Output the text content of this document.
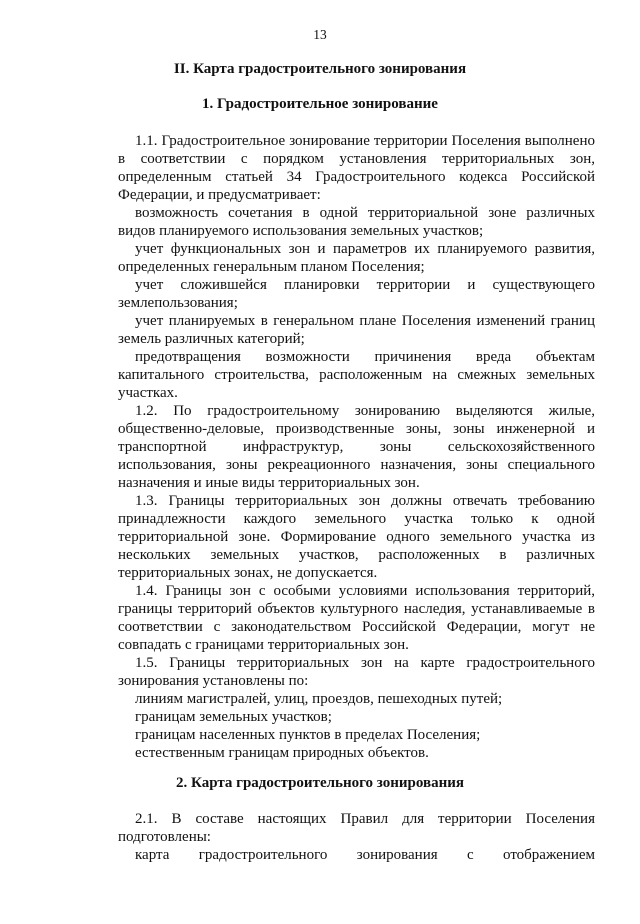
13
II. Карта градостроительного зонирования
1. Градостроительное зонирование

1.1. Градостроительное зонирование территории Поселения выполнено в соответствии с порядком установления территориальных зон, определенным статьей 34 Градостроительного кодекса Российской Федерации, и предусматривает:

возможность сочетания в одной территориальной зоне различных видов планируемого использования земельных участков;

учет функциональных зон и параметров их планируемого развития, определенных генеральным планом Поселения;

учет сложившейся планировки территории и существующего землепользования;

учет планируемых в генеральном плане Поселения изменений границ земель различных категорий;

предотвращения возможности причинения вреда объектам капитального строительства, расположенным на смежных земельных участках.

1.2. По градостроительному зонированию выделяются жилые, общественно-деловые, производственные зоны, зоны инженерной и транспортной инфраструктур, зоны сельскохозяйственного использования, зоны рекреационного назначения, зоны специального назначения и иные виды территориальных зон.

1.3. Границы территориальных зон должны отвечать требованию принадлежности каждого земельного участка только к одной территориальной зоне. Формирование одного земельного участка из нескольких земельных участков, расположенных в различных территориальных зонах, не допускается.

1.4. Границы зон с особыми условиями использования территорий, границы территорий объектов культурного наследия, устанавливаемые в соответствии с законодательством Российской Федерации, могут не совпадать с границами территориальных зон.

1.5. Границы территориальных зон на карте градостроительного зонирования установлены по:

линиям магистралей, улиц, проездов, пешеходных путей;

границам земельных участков;

границам населенных пунктов в пределах Поселения;

естественным границам природных объектов.

2. Карта градостроительного зонирования

2.1. В составе настоящих Правил для территории Поселения подготовлены:

карта градостроительного зонирования с отображением
